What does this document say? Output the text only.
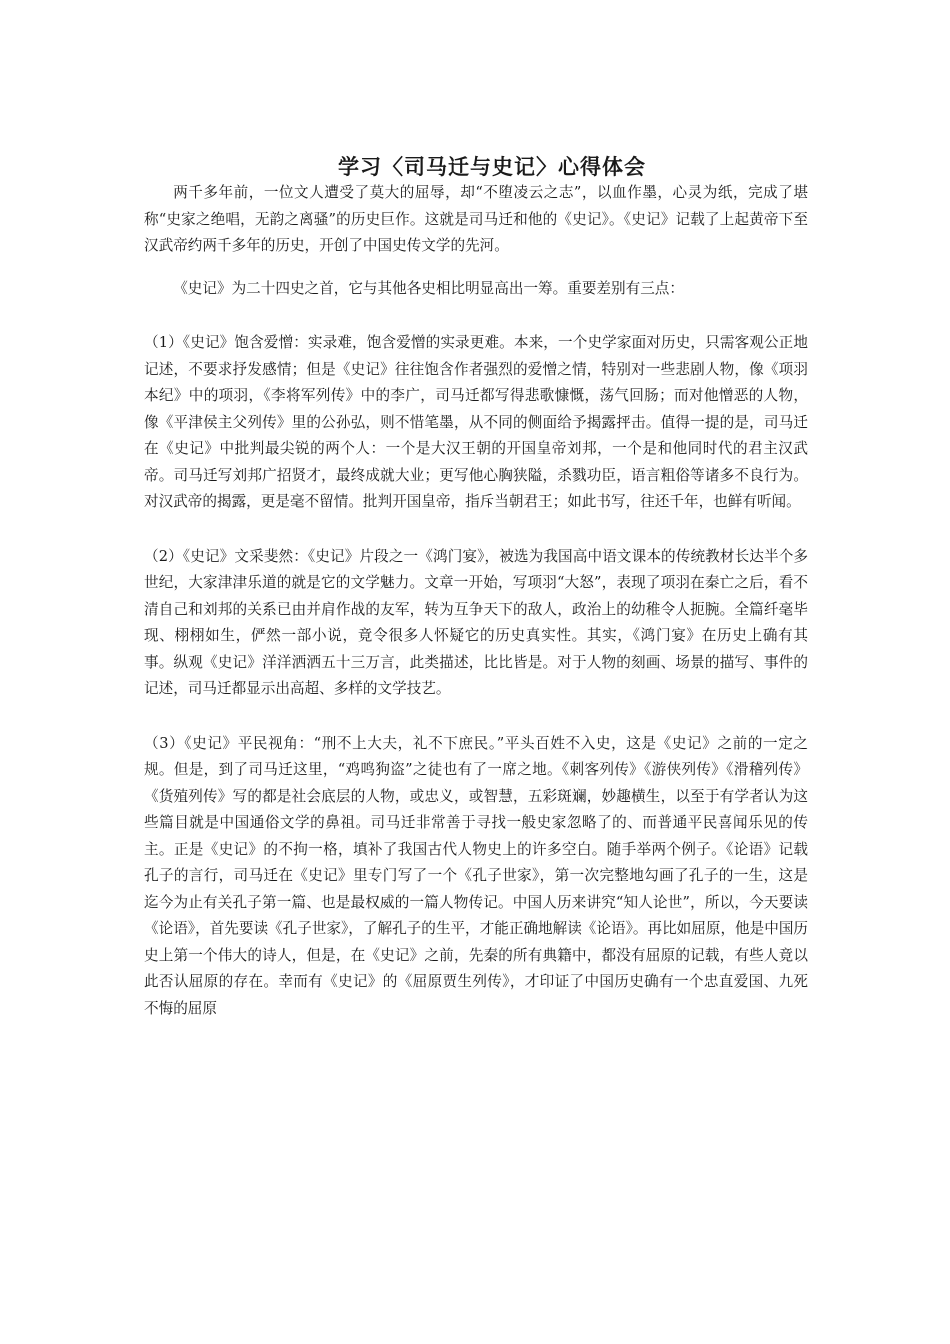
学习〈司马迁与史记〉心得体会

两千多年前，一位文人遭受了莫大的屈辱，却“不堕凌云之志”，以血作墨，心灵为纸，完成了堪称“史家之绝唱，无韵之离骚”的历史巨作。这就是司马迁和他的《史记》。《史记》记载了上起黄帝下至汉武帝约两千多年的历史，开创了中国史传文学的先河。

《史记》为二十四史之首，它与其他各史相比明显高出一筹。重要差别有三点：

（1）《史记》饱含爱憎：实录难，饱含爱憎的实录更难。本来，一个史学家面对历史，只需客观公正地记述，不要求抒发感情；但是《史记》往往饱含作者强烈的爱憎之情，特别对一些悲剧人物，像《项羽本纪》中的项羽，《李将军列传》中的李广，司马迁都写得悲歌慷慨，荡气回肠；而对他憎恶的人物，像《平津侯主父列传》里的公孙弘，则不惜笔墨，从不同的侧面给予揭露抨击。值得一提的是，司马迁在《史记》中批判最尖锐的两个人：一个是大汉王朝的开国皇帝刘邦，一个是和他同时代的君主汉武帝。司马迁写刘邦广招贤才，最终成就大业；更写他心胸狭隘，杀戮功臣，语言粗俗等诸多不良行为。对汉武帝的揭露，更是毫不留情。批判开国皇帝，指斥当朝君王；如此书写，往还千年，也鲜有听闻。

（2）《史记》文采斐然：《史记》片段之一《鸿门宴》，被选为我国高中语文课本的传统教材长达半个多世纪，大家津津乐道的就是它的文学魅力。文章一开始，写项羽“大怒”，表现了项羽在秦亡之后，看不清自己和刘邦的关系已由并肩作战的友军，转为互争天下的敌人，政治上的幼稚令人扼腕。全篇纤毫毕现、栩栩如生，俨然一部小说，竟令很多人怀疑它的历史真实性。其实，《鸿门宴》在历史上确有其事。纵观《史记》洋洋洒洒五十三万言，此类描述，比比皆是。对于人物的刻画、场景的描写、事件的记述，司马迁都显示出高超、多样的文学技艺。

（3）《史记》平民视角：“刑不上大夫，礼不下庶民。”平头百姓不入史，这是《史记》之前的一定之规。但是，到了司马迁这里，“鸡鸣狗盗”之徒也有了一席之地。《刺客列传》《游侠列传》《滑稽列传》《货殖列传》写的都是社会底层的人物，或忠义，或智慧，五彩斑斓，妙趣横生，以至于有学者认为这些篇目就是中国通俗文学的鼻祖。司马迁非常善于寻找一般史家忽略了的、而普通平民喜闻乐见的传主。正是《史记》的不拘一格，填补了我国古代人物史上的许多空白。随手举两个例子。《论语》记载孔子的言行，司马迁在《史记》里专门写了一个《孔子世家》，第一次完整地勾画了孔子的一生，这是迄今为止有关孔子第一篇、也是最权威的一篇人物传记。中国人历来讲究“知人论世”，所以，今天要读《论语》，首先要读《孔子世家》，了解孔子的生平，才能正确地解读《论语》。再比如屈原，他是中国历史上第一个伟大的诗人，但是，在《史记》之前，先秦的所有典籍中，都没有屈原的记载，有些人竟以此否认屈原的存在。幸而有《史记》的《屈原贾生列传》，才印证了中国历史确有一个忠直爱国、九死不悔的屈原
